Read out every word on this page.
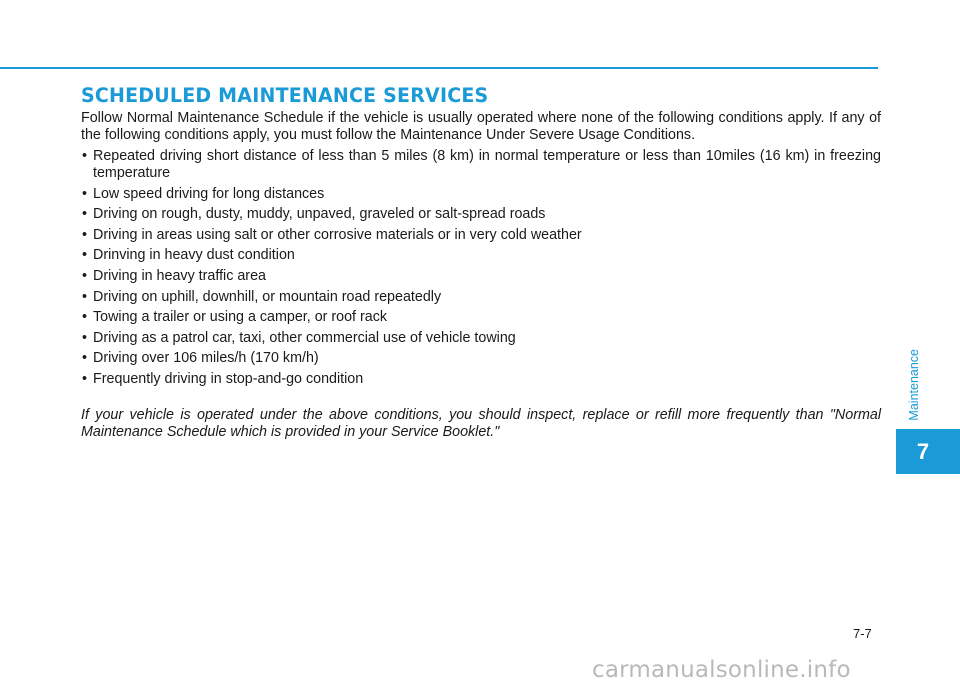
SCHEDULED MAINTENANCE SERVICES

Follow Normal Maintenance Schedule if the vehicle is usually operated where none of the following conditions apply. If any of the following conditions apply, you must follow the Maintenance Under Severe Usage Conditions.

• Repeated driving short distance of less than 5 miles (8 km) in normal temperature or less than 10miles (16 km) in freezing temperature
• Low speed driving for long distances
• Driving on rough, dusty, muddy, unpaved, graveled or salt-spread roads
• Driving in areas using salt or other corrosive materials or in very cold weather
• Drinving in heavy dust condition
• Driving in heavy traffic area
• Driving on uphill, downhill, or mountain road repeatedly
• Towing a trailer or using a camper, or roof rack
• Driving as a patrol car, taxi, other commercial use of vehicle towing
• Driving over 106 miles/h (170 km/h)
• Frequently driving in stop-and-go condition

If your vehicle is operated under the above conditions, you should inspect, replace or refill more frequently than "Normal Maintenance Schedule which is provided in your Service Booklet."

Maintenance
7
7-7
carmanualsonline.info
